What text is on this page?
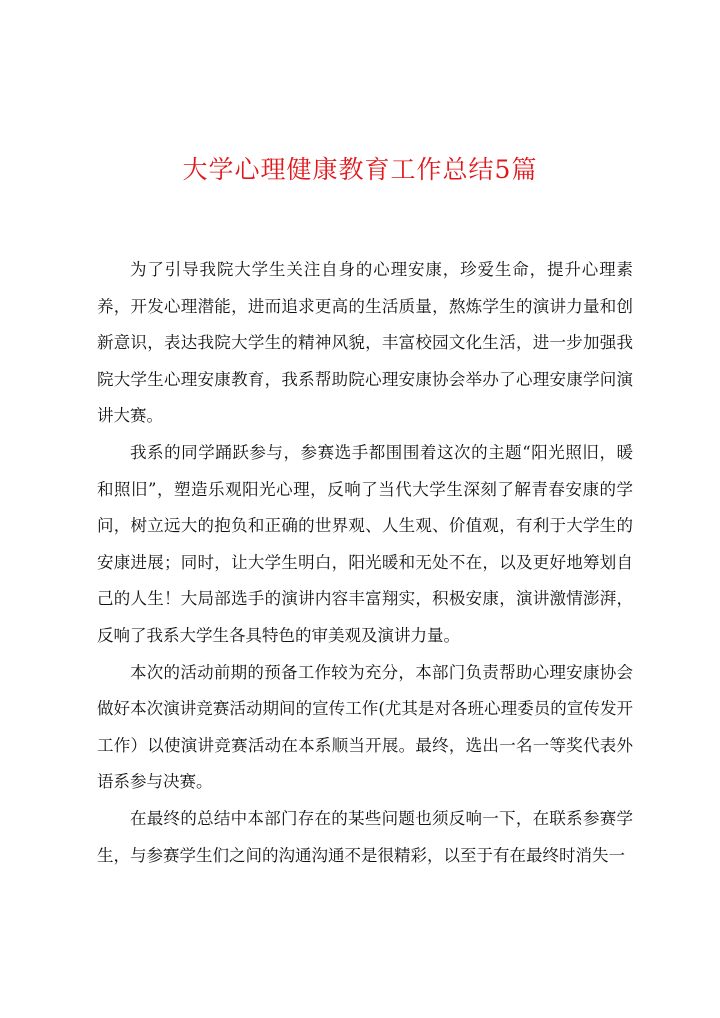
大学心理健康教育工作总结5篇

为了引导我院大学生关注自身的心理安康，珍爱生命，提升心理素养，开发心理潜能，进而追求更高的生活质量，熬炼学生的演讲力量和创新意识，表达我院大学生的精神风貌，丰富校园文化生活，进一步加强我院大学生心理安康教育，我系帮助院心理安康协会举办了心理安康学问演讲大赛。

我系的同学踊跃参与，参赛选手都围围着这次的主题“阳光照旧，暖和照旧”，塑造乐观阳光心理，反响了当代大学生深刻了解青春安康的学问，树立远大的抱负和正确的世界观、人生观、价值观，有利于大学生的安康进展；同时，让大学生明白，阳光暖和无处不在，以及更好地筹划自己的人生！大局部选手的演讲内容丰富翔实，积极安康，演讲激情澎湃，反响了我系大学生各具特色的审美观及演讲力量。

本次的活动前期的预备工作较为充分，本部门负责帮助心理安康协会做好本次演讲竞赛活动期间的宣传工作(尤其是对各班心理委员的宣传发开工作）以使演讲竞赛活动在本系顺当开展。最终，选出一名一等奖代表外语系参与决赛。

在最终的总结中本部门存在的某些问题也须反响一下，在联系参赛学生，与参赛学生们之间的沟通沟通不是很精彩，以至于有在最终时消失一
